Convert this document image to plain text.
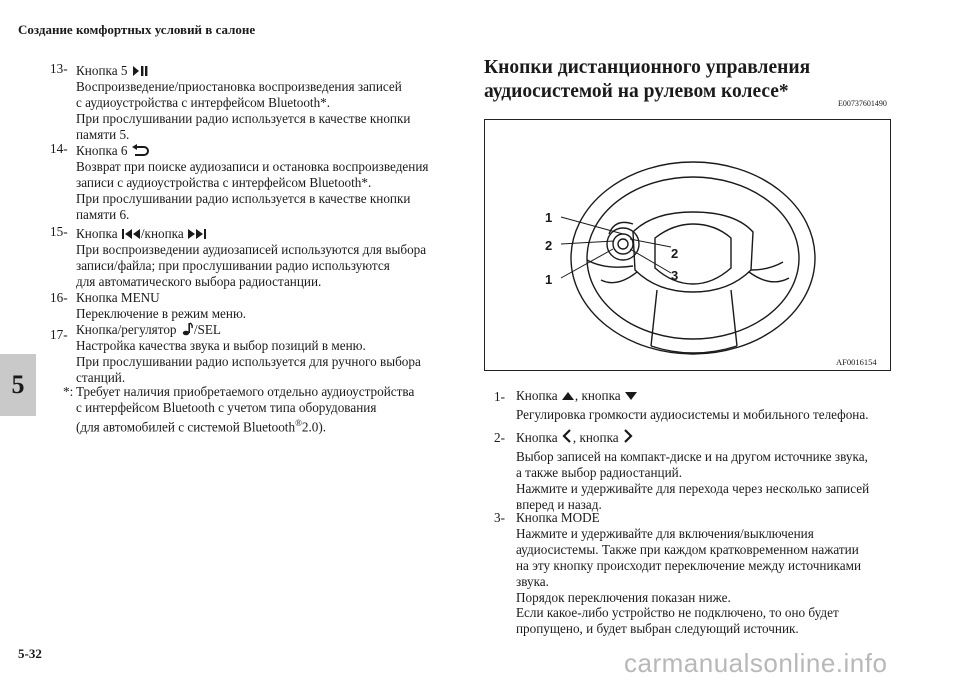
Создание комфортных условий в салоне
5-32
5
13- Кнопка 5

Воспроизведение/приостановка воспроизведения записей

с аудиоустройства с интерфейсом Bluetooth*.

При прослушивании радио используется в качестве кнопки

памяти 5.

14- Кнопка 6

Возврат при поиске аудиозаписи и остановка воспроизведения

записи с аудиоустройства с интерфейсом Bluetooth*.

При прослушивании радио используется в качестве кнопки

памяти 6.

15- Кнопка /кнопка

При воспроизведении аудиозаписей используются для выбора

записи/файла; при прослушивании радио используются

для автоматического выбора радиостанции.

16- Кнопка MENU

Переключение в режим меню.

17- Кнопка/регулятор /SEL

Настройка качества звука и выбор позиций в меню.

При прослушивании радио используется для ручного выбора

станций.

*: Требует наличия приобретаемого отдельно аудиоустройства

с интерфейсом Bluetooth с учетом типа оборудования

(для автомобилей с системой Bluetooth®2.0).

Кнопки дистанционного управления
аудиосистемой на рулевом колесе*
E00737601490
1
2
1
2
3
AF0016154
1- Кнопка , кнопка

Регулировка громкости аудиосистемы и мобильного телефона.

2- Кнопка , кнопка

Выбор записей на компакт-диске и на другом источнике звука,

а также выбор радиостанций.

Нажмите и удерживайте для перехода через несколько записей

вперед и назад.

3- Кнопка MODE

Нажмите и удерживайте для включения/выключения

аудиосистемы. Также при каждом кратковременном нажатии

на эту кнопку происходит переключение между источниками

звука.

Порядок переключения показан ниже.

Если какое-либо устройство не подключено, то оно будет

пропущено, и будет выбран следующий источник.

carmanualsonline.info
